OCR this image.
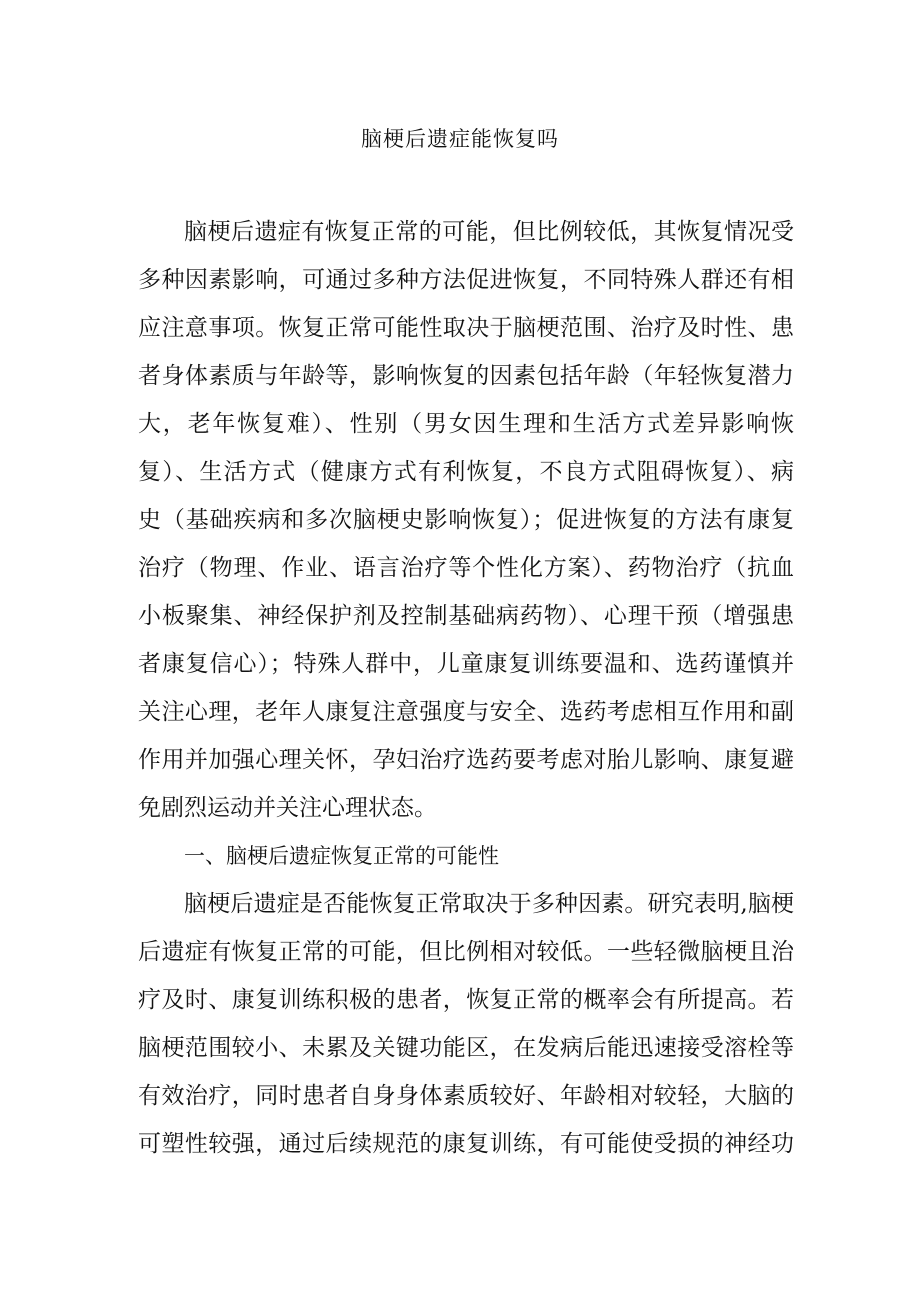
脑梗后遗症能恢复吗
脑梗后遗症有恢复正常的可能，但比例较低，其恢复情况受
多种因素影响，可通过多种方法促进恢复，不同特殊人群还有相
应注意事项。恢复正常可能性取决于脑梗范围、治疗及时性、患
者身体素质与年龄等，影响恢复的因素包括年龄（年轻恢复潜力
大，老年恢复难）、性别（男女因生理和生活方式差异影响恢
复）、生活方式（健康方式有利恢复，不良方式阻碍恢复）、病
史（基础疾病和多次脑梗史影响恢复）；促进恢复的方法有康复
治疗（物理、作业、语言治疗等个性化方案）、药物治疗（抗血
小板聚集、神经保护剂及控制基础病药物）、心理干预（增强患
者康复信心）；特殊人群中，儿童康复训练要温和、选药谨慎并
关注心理，老年人康复注意强度与安全、选药考虑相互作用和副
作用并加强心理关怀，孕妇治疗选药要考虑对胎儿影响、康复避
免剧烈运动并关注心理状态。
一、脑梗后遗症恢复正常的可能性
脑梗后遗症是否能恢复正常取决于多种因素。研究表明,脑梗
后遗症有恢复正常的可能，但比例相对较低。一些轻微脑梗且治
疗及时、康复训练积极的患者，恢复正常的概率会有所提高。若
脑梗范围较小、未累及关键功能区，在发病后能迅速接受溶栓等
有效治疗，同时患者自身身体素质较好、年龄相对较轻，大脑的
可塑性较强，通过后续规范的康复训练，有可能使受损的神经功
